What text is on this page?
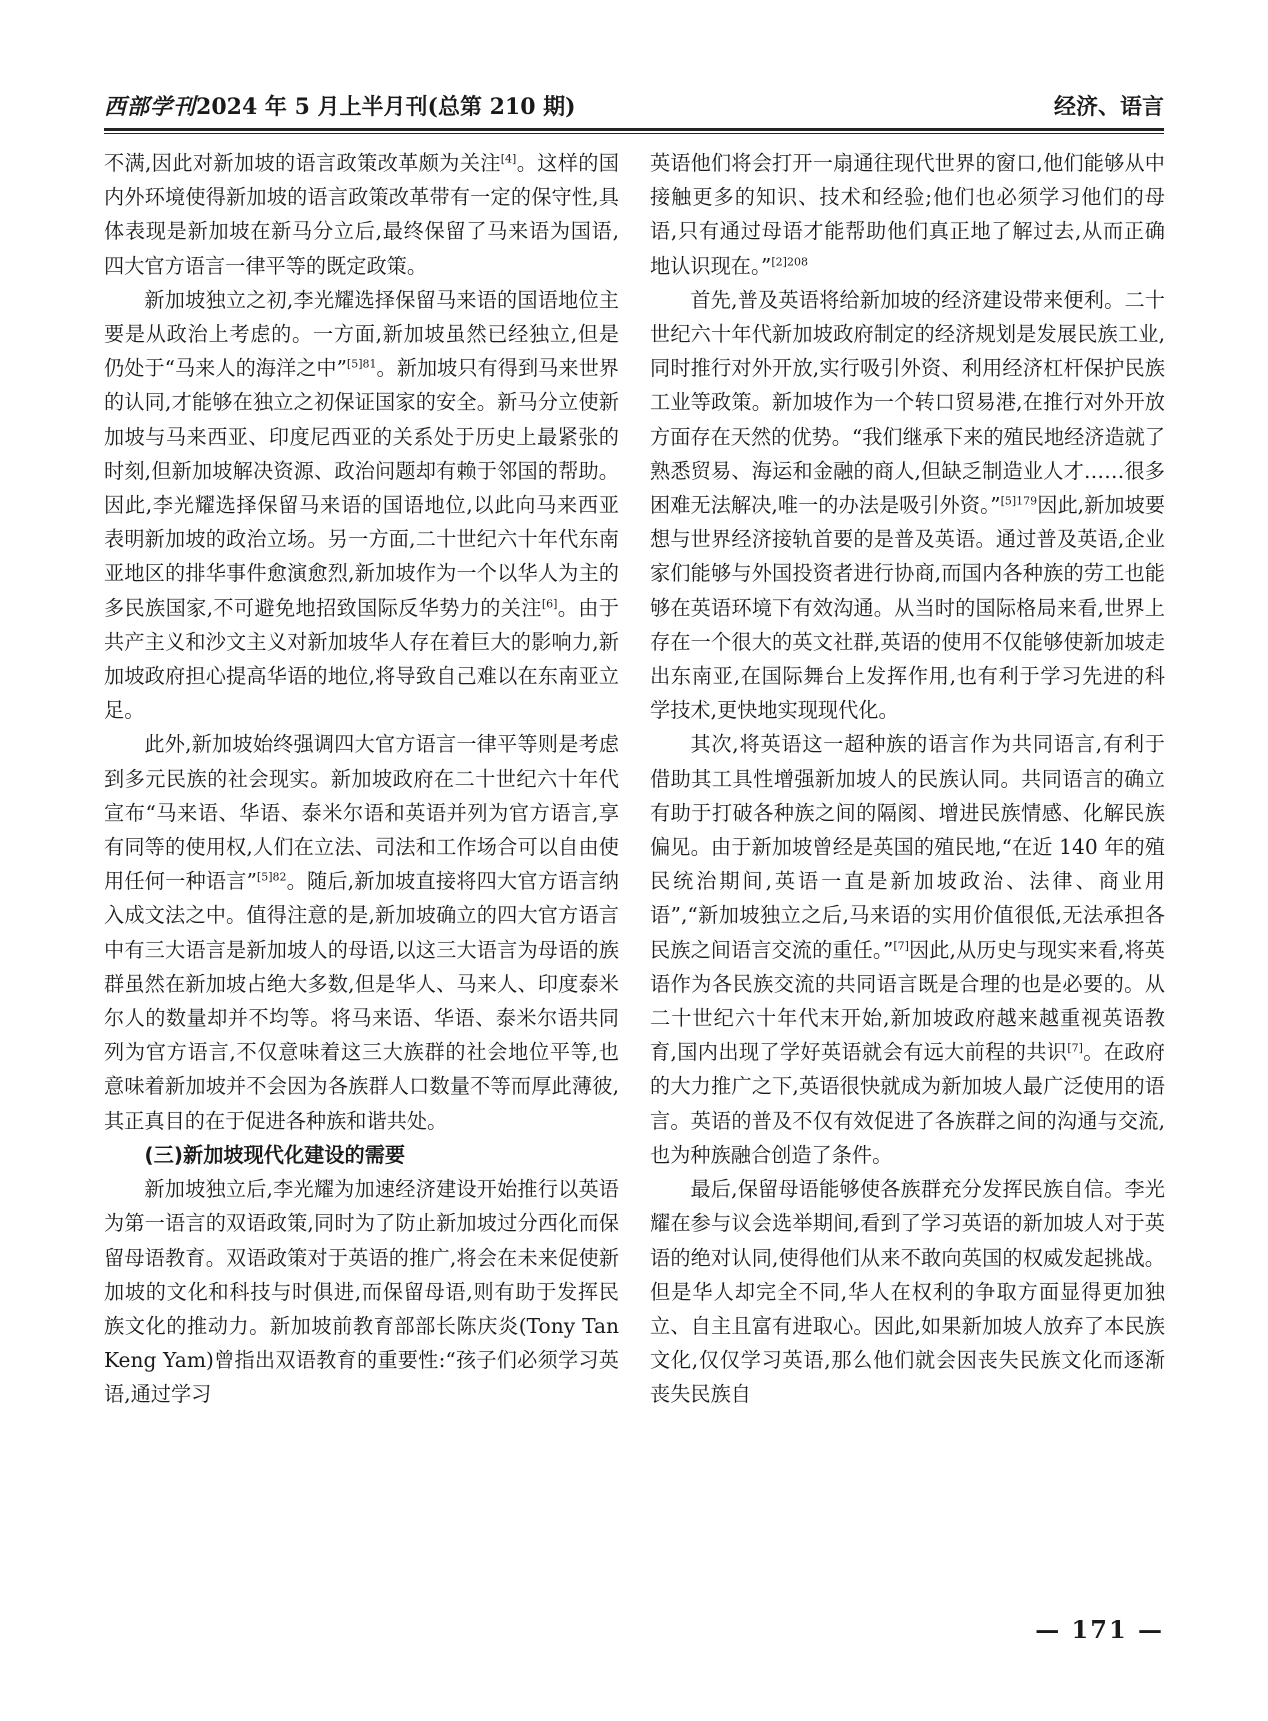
西部学刊2024 年 5 月上半月刊(总第 210 期)	经济、语言

不满,因此对新加坡的语言政策改革颇为关注[4]。这样的国内外环境使得新加坡的语言政策改革带有一定的保守性,具体表现是新加坡在新马分立后,最终保留了马来语为国语,四大官方语言一律平等的既定政策。

新加坡独立之初,李光耀选择保留马来语的国语地位主要是从政治上考虑的。一方面,新加坡虽然已经独立,但是仍处于“马来人的海洋之中”$^{[5]81}$。新加坡只有得到马来世界的认同,才能够在独立之初保证国家的安全。新马分立使新加坡与马来西亚、印度尼西亚的关系处于历史上最紧张的时刻,但新加坡解决资源、政治问题却有赖于邻国的帮助。因此,李光耀选择保留马来语的国语地位,以此向马来西亚表明新加坡的政治立场。另一方面,二十世纪六十年代东南亚地区的排华事件愈演愈烈,新加坡作为一个以华人为主的多民族国家,不可避免地招致国际反华势力的关注[6]。由于共产主义和沙文主义对新加坡华人存在着巨大的影响力,新加坡政府担心提高华语的地位,将导致自己难以在东南亚立足。

此外,新加坡始终强调四大官方语言一律平等则是考虑到多元民族的社会现实。新加坡政府在二十世纪六十年代宣布“马来语、华语、泰米尔语和英语并列为官方语言,享有同等的使用权,人们在立法、司法和工作场合可以自由使用任何一种语言”$^{[5]82}$。随后,新加坡直接将四大官方语言纳入成文法之中。值得注意的是,新加坡确立的四大官方语言中有三大语言是新加坡人的母语,以这三大语言为母语的族群虽然在新加坡占绝大多数,但是华人、马来人、印度泰米尔人的数量却并不均等。将马来语、华语、泰米尔语共同列为官方语言,不仅意味着这三大族群的社会地位平等,也意味着新加坡并不会因为各族群人口数量不等而厚此薄彼,其正真目的在于促进各种族和谐共处。

(三)新加坡现代化建设的需要

新加坡独立后,李光耀为加速经济建设开始推行以英语为第一语言的双语政策,同时为了防止新加坡过分西化而保留母语教育。双语政策对于英语的推广,将会在未来促使新加坡的文化和科技与时俱进,而保留母语,则有助于发挥民族文化的推动力。新加坡前教育部部长陈庆炎(Tony Tan Keng Yam)曾指出双语教育的重要性:“孩子们必须学习英语,通过学习

英语他们将会打开一扇通往现代世界的窗口,他们能够从中接触更多的知识、技术和经验;他们也必须学习他们的母语,只有通过母语才能帮助他们真正地了解过去,从而正确地认识现在。”$^{[2]208}$

首先,普及英语将给新加坡的经济建设带来便利。二十世纪六十年代新加坡政府制定的经济规划是发展民族工业,同时推行对外开放,实行吸引外资、利用经济杠杆保护民族工业等政策。新加坡作为一个转口贸易港,在推行对外开放方面存在天然的优势。“我们继承下来的殖民地经济造就了熟悉贸易、海运和金融的商人,但缺乏制造业人才……很多困难无法解决,唯一的办法是吸引外资。”$^{[5]179}$因此,新加坡要想与世界经济接轨首要的是普及英语。通过普及英语,企业家们能够与外国投资者进行协商,而国内各种族的劳工也能够在英语环境下有效沟通。从当时的国际格局来看,世界上存在一个很大的英文社群,英语的使用不仅能够使新加坡走出东南亚,在国际舞台上发挥作用,也有利于学习先进的科学技术,更快地实现现代化。

其次,将英语这一超种族的语言作为共同语言,有利于借助其工具性增强新加坡人的民族认同。共同语言的确立有助于打破各种族之间的隔阂、增进民族情感、化解民族偏见。由于新加坡曾经是英国的殖民地,“在近 140 年的殖民统治期间,英语一直是新加坡政治、法律、商业用语”,“新加坡独立之后,马来语的实用价值很低,无法承担各民族之间语言交流的重任。”[7]因此,从历史与现实来看,将英语作为各民族交流的共同语言既是合理的也是必要的。从二十世纪六十年代末开始,新加坡政府越来越重视英语教育,国内出现了学好英语就会有远大前程的共识[7]。在政府的大力推广之下,英语很快就成为新加坡人最广泛使用的语言。英语的普及不仅有效促进了各族群之间的沟通与交流,也为种族融合创造了条件。

最后,保留母语能够使各族群充分发挥民族自信。李光耀在参与议会选举期间,看到了学习英语的新加坡人对于英语的绝对认同,使得他们从来不敢向英国的权威发起挑战。但是华人却完全不同,华人在权利的争取方面显得更加独立、自主且富有进取心。因此,如果新加坡人放弃了本民族文化,仅仅学习英语,那么他们就会因丧失民族文化而逐渐丧失民族自

— 171 —
